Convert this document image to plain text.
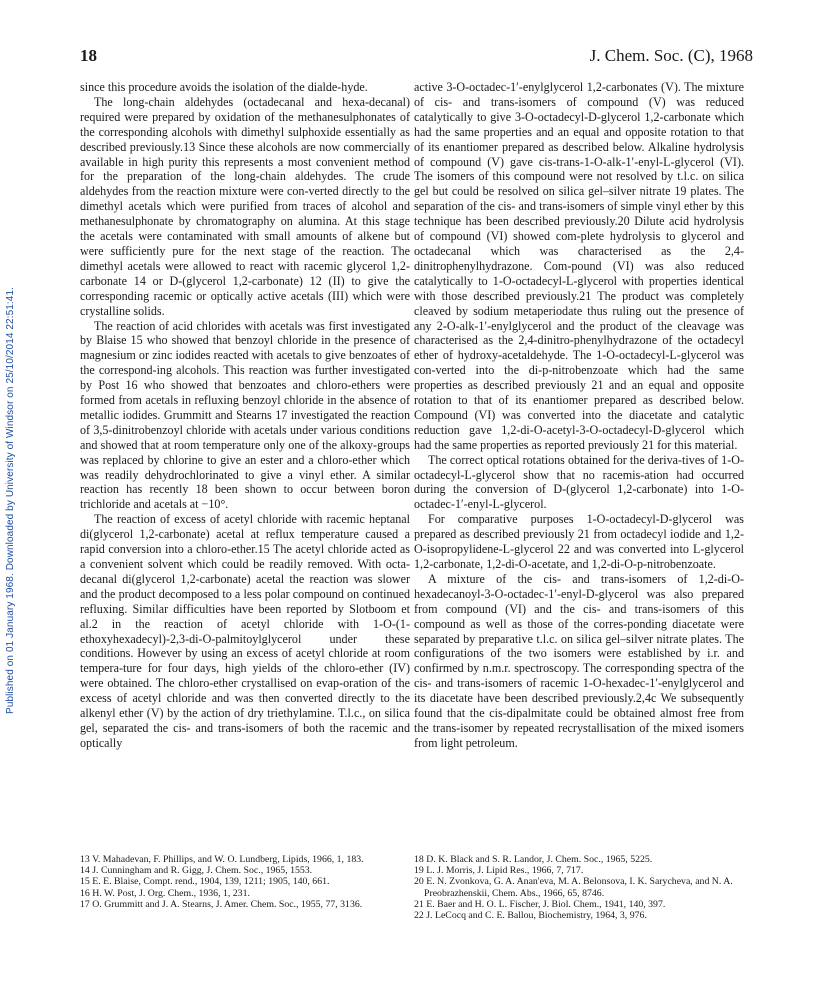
Published on 01 January 1968. Downloaded by University of Windsor on 25/10/2014 22:51:41.
18	J. Chem. Soc. (C), 1968

since this procedure avoids the isolation of the dialde-hyde.

The long-chain aldehydes (octadecanal and hexa-decanal) required were prepared by oxidation of the methanesulphonates of the corresponding alcohols with dimethyl sulphoxide essentially as described previously.13 Since these alcohols are now commercially available in high purity this represents a most convenient method for the preparation of the long-chain aldehydes. The crude aldehydes from the reaction mixture were con-verted directly to the dimethyl acetals which were purified from traces of alcohol and methanesulphonate by chromatography on alumina. At this stage the acetals were contaminated with small amounts of alkene but were sufficiently pure for the next stage of the reaction. The dimethyl acetals were allowed to react with racemic glycerol 1,2-carbonate 14 or D-(glycerol 1,2-carbonate) 12 (II) to give the corresponding racemic or optically active acetals (III) which were crystalline solids.

The reaction of acid chlorides with acetals was first investigated by Blaise 15 who showed that benzoyl chloride in the presence of magnesium or zinc iodides reacted with acetals to give benzoates of the correspond-ing alcohols. This reaction was further investigated by Post 16 who showed that benzoates and chloro-ethers were formed from acetals in refluxing benzoyl chloride in the absence of metallic iodides. Grummitt and Stearns 17 investigated the reaction of 3,5-dinitrobenzoyl chloride with acetals under various conditions and showed that at room temperature only one of the alkoxy-groups was replaced by chlorine to give an ester and a chloro-ether which was readily dehydrochlorinated to give a vinyl ether. A similar reaction has recently 18 been shown to occur between boron trichloride and acetals at −10°.

The reaction of excess of acetyl chloride with racemic heptanal di(glycerol 1,2-carbonate) acetal at reflux temperature caused a rapid conversion into a chloro-ether.15 The acetyl chloride acted as a convenient solvent which could be readily removed. With octa-decanal di(glycerol 1,2-carbonate) acetal the reaction was slower and the product decomposed to a less polar compound on continued refluxing. Similar difficulties have been reported by Slotboom et al.2 in the reaction of acetyl chloride with 1-O-(1-ethoxyhexadecyl)-2,3-di-O-palmitoylglycerol under these conditions. However by using an excess of acetyl chloride at room tempera-ture for four days, high yields of the chloro-ether (IV) were obtained. The chloro-ether crystallised on evap-oration of the excess of acetyl chloride and was then converted directly to the alkenyl ether (V) by the action of dry triethylamine. T.l.c., on silica gel, separated the cis- and trans-isomers of both the racemic and optically

active 3-O-octadec-1′-enylglycerol 1,2-carbonates (V). The mixture of cis- and trans-isomers of compound (V) was reduced catalytically to give 3-O-octadecyl-D-glycerol 1,2-carbonate which had the same properties and an equal and opposite rotation to that of its enantiomer prepared as described below. Alkaline hydrolysis of compound (V) gave cis-trans-1-O-alk-1′-enyl-L-glycerol (VI). The isomers of this compound were not resolved by t.l.c. on silica gel but could be resolved on silica gel–silver nitrate 19 plates. The separation of the cis- and trans-isomers of simple vinyl ether by this technique has been described previously.20 Dilute acid hydrolysis of compound (VI) showed com-plete hydrolysis to glycerol and octadecanal which was characterised as the 2,4-dinitrophenylhydrazone. Com-pound (VI) was also reduced catalytically to 1-O-octadecyl-L-glycerol with properties identical with those described previously.21 The product was completely cleaved by sodium metaperiodate thus ruling out the presence of any 2-O-alk-1′-enylglycerol and the product of the cleavage was characterised as the 2,4-dinitro-phenylhydrazone of the octadecyl ether of hydroxy-acetaldehyde. The 1-O-octadecyl-L-glycerol was con-verted into the di-p-nitrobenzoate which had the same properties as described previously 21 and an equal and opposite rotation to that of its enantiomer prepared as described below. Compound (VI) was converted into the diacetate and catalytic reduction gave 1,2-di-O-acetyl-3-O-octadecyl-D-glycerol which had the same properties as reported previously 21 for this material.

The correct optical rotations obtained for the deriva-tives of 1-O-octadecyl-L-glycerol show that no racemis-ation had occurred during the conversion of D-(glycerol 1,2-carbonate) into 1-O-octadec-1′-enyl-L-glycerol.

For comparative purposes 1-O-octadecyl-D-glycerol was prepared as described previously 21 from octadecyl iodide and 1,2-O-isopropylidene-L-glycerol 22 and was converted into L-glycerol 1,2-carbonate, 1,2-di-O-acetate, and 1,2-di-O-p-nitrobenzoate.

A mixture of the cis- and trans-isomers of 1,2-di-O-hexadecanoyl-3-O-octadec-1′-enyl-D-glycerol was also prepared from compound (VI) and the cis- and trans-isomers of this compound as well as those of the corres-ponding diacetate were separated by preparative t.l.c. on silica gel–silver nitrate plates. The configurations of the two isomers were established by i.r. and confirmed by n.m.r. spectroscopy. The corresponding spectra of the cis- and trans-isomers of racemic 1-O-hexadec-1′-enylglycerol and its diacetate have been described previously.2,4c We subsequently found that the cis-dipalmitate could be obtained almost free from the trans-isomer by repeated recrystallisation of the mixed isomers from light petroleum.

13 V. Mahadevan, F. Phillips, and W. O. Lundberg, Lipids, 1966, 1, 183.
14 J. Cunningham and R. Gigg, J. Chem. Soc., 1965, 1553.
15 E. E. Blaise, Compt. rend., 1904, 139, 1211; 1905, 140, 661.
16 H. W. Post, J. Org. Chem., 1936, 1, 231.
17 O. Grummitt and J. A. Stearns, J. Amer. Chem. Soc., 1955, 77, 3136.
18 D. K. Black and S. R. Landor, J. Chem. Soc., 1965, 5225.
19 L. J. Morris, J. Lipid Res., 1966, 7, 717.
20 E. N. Zvonkova, G. A. Anan'eva, M. A. Belonsova, I. K. Sarycheva, and N. A. Preobrazhenskii, Chem. Abs., 1966, 65, 8746.
21 E. Baer and H. O. L. Fischer, J. Biol. Chem., 1941, 140, 397.
22 J. LeCocq and C. E. Ballou, Biochemistry, 1964, 3, 976.
